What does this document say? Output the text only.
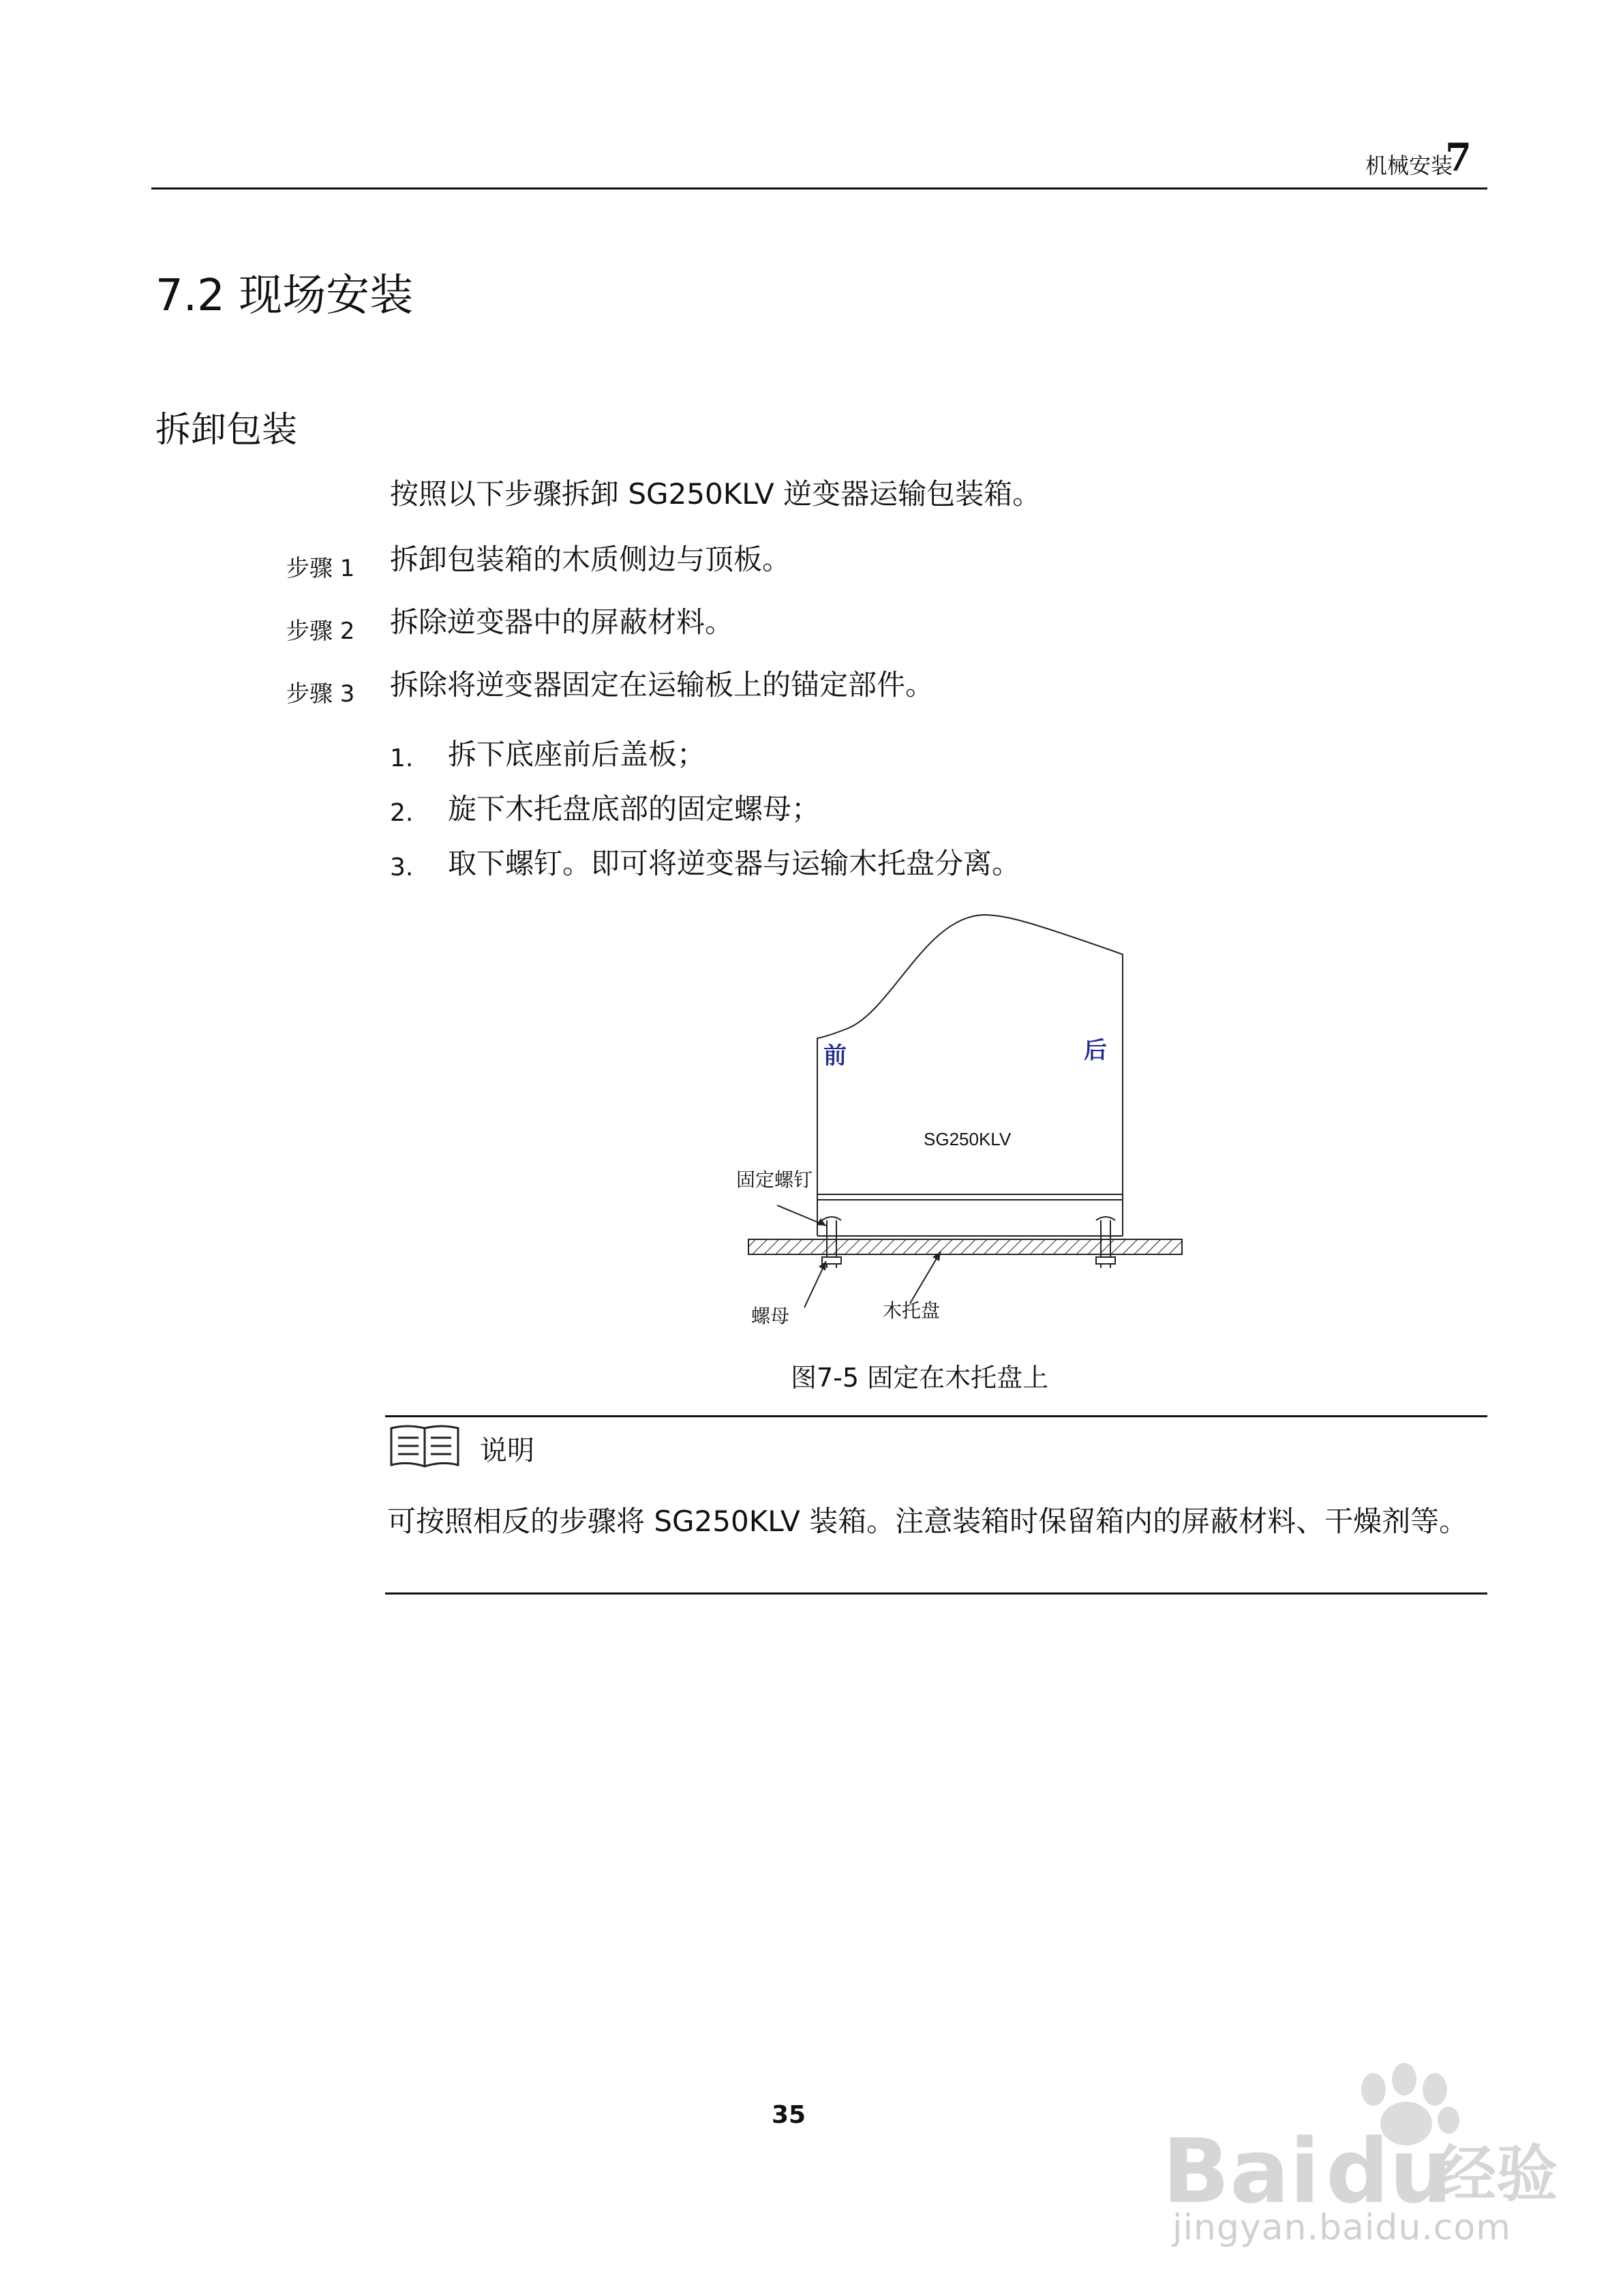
机械安装
7
7.2 现场安装
拆卸包装
按照以下步骤拆卸 SG250KLV 逆变器运输包装箱。
步骤 1 拆卸包装箱的木质侧边与顶板。
步骤 2 拆除逆变器中的屏蔽材料。
步骤 3 拆除将逆变器固定在运输板上的锚定部件。
1. 拆下底座前后盖板；
2. 旋下木托盘底部的固定螺母；
3. 取下螺钉。即可将逆变器与运输木托盘分离。
前	后
SG250KLV
固定螺钉
螺母	木托盘
图7-5 固定在木托盘上
说明
可按照相反的步骤将 SG250KLV 装箱。注意装箱时保留箱内的屏蔽材料、干燥剂等。
35
Bai du
经验
jingyan.baidu.com
